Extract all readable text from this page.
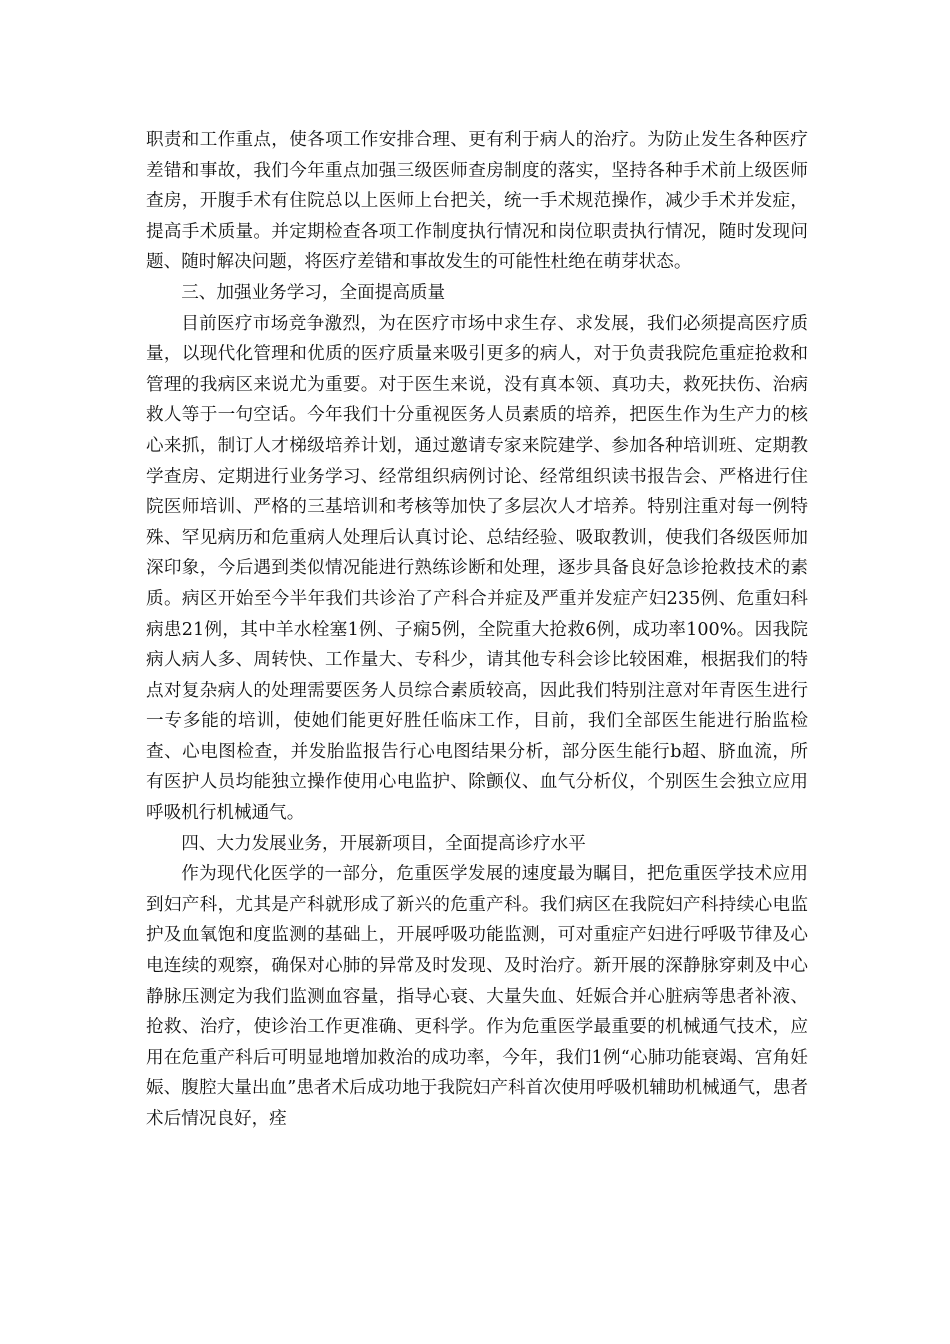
职责和工作重点，使各项工作安排合理、更有利于病人的治疗。为防止发生各种医疗差错和事故，我们今年重点加强三级医师查房制度的落实，坚持各种手术前上级医师查房，开腹手术有住院总以上医师上台把关，统一手术规范操作，减少手术并发症，提高手术质量。并定期检查各项工作制度执行情况和岗位职责执行情况，随时发现问题、随时解决问题，将医疗差错和事故发生的可能性杜绝在萌芽状态。

三、加强业务学习，全面提高质量

目前医疗市场竞争激烈，为在医疗市场中求生存、求发展，我们必须提高医疗质量，以现代化管理和优质的医疗质量来吸引更多的病人，对于负责我院危重症抢救和管理的我病区来说尤为重要。对于医生来说，没有真本领、真功夫，救死扶伤、治病救人等于一句空话。今年我们十分重视医务人员素质的培养，把医生作为生产力的核心来抓，制订人才梯级培养计划，通过邀请专家来院建学、参加各种培训班、定期教学查房、定期进行业务学习、经常组织病例讨论、经常组织读书报告会、严格进行住院医师培训、严格的三基培训和考核等加快了多层次人才培养。特别注重对每一例特殊、罕见病历和危重病人处理后认真讨论、总结经验、吸取教训，使我们各级医师加深印象，今后遇到类似情况能进行熟练诊断和处理，逐步具备良好急诊抢救技术的素质。病区开始至今半年我们共诊治了产科合并症及严重并发症产妇235例、危重妇科病患21例，其中羊水栓塞1例、子痫5例，全院重大抢救6例，成功率100%。因我院病人病人多、周转快、工作量大、专科少，请其他专科会诊比较困难，根据我们的特点对复杂病人的处理需要医务人员综合素质较高，因此我们特别注意对年青医生进行一专多能的培训，使她们能更好胜任临床工作，目前，我们全部医生能进行胎监检查、心电图检查，并发胎监报告行心电图结果分析，部分医生能行b超、脐血流，所有医护人员均能独立操作使用心电监护、除颤仪、血气分析仪，个别医生会独立应用呼吸机行机械通气。

四、大力发展业务，开展新项目，全面提高诊疗水平

作为现代化医学的一部分，危重医学发展的速度最为瞩目，把危重医学技术应用到妇产科，尤其是产科就形成了新兴的危重产科。我们病区在我院妇产科持续心电监护及血氧饱和度监测的基础上，开展呼吸功能监测，可对重症产妇进行呼吸节律及心电连续的观察，确保对心肺的异常及时发现、及时治疗。新开展的深静脉穿刺及中心静脉压测定为我们监测血容量，指导心衰、大量失血、妊娠合并心脏病等患者补液、抢救、治疗，使诊治工作更准确、更科学。作为危重医学最重要的机械通气技术，应用在危重产科后可明显地增加救治的成功率，今年，我们1例“心肺功能衰竭、宫角妊娠、腹腔大量出血”患者术后成功地于我院妇产科首次使用呼吸机辅助机械通气，患者术后情况良好，痊
